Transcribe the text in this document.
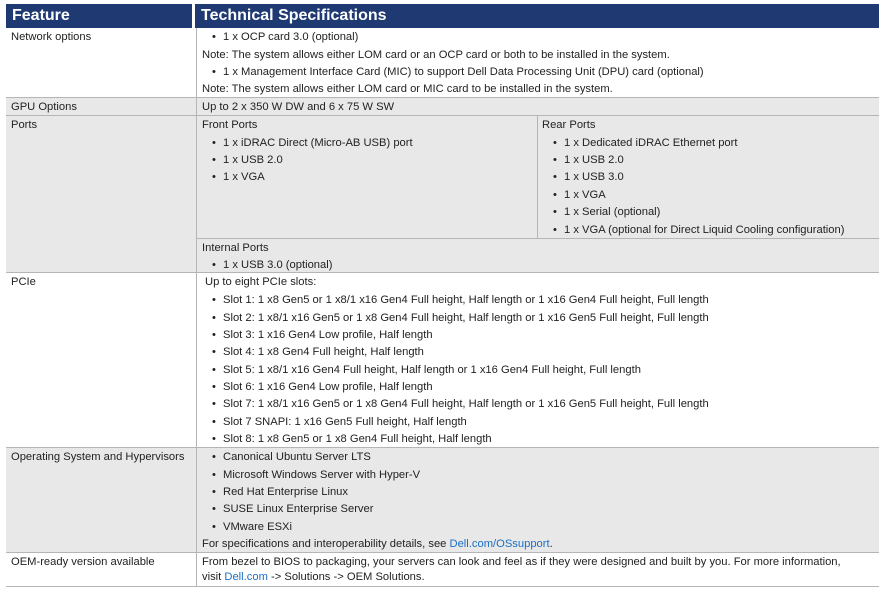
Feature	Technical Specifications
Network options
GPU Options
Ports
PCIe
Operating System and Hypervisors
OEM-ready version available
• 1 x OCP card 3.0 (optional)
Note: The system allows either LOM card or an OCP card or both to be installed in the system.
• 1 x Management Interface Card (MIC) to support Dell Data Processing Unit (DPU) card (optional)
Note: The system allows either LOM card or MIC card to be installed in the system.
Up to 2 x 350 W DW and 6 x 75 W SW
Front Ports
• 1 x iDRAC Direct (Micro-AB USB) port
• 1 x USB 2.0
• 1 x VGA
Rear Ports
• 1 x Dedicated iDRAC Ethernet port
• 1 x USB 2.0
• 1 x USB 3.0
• 1 x VGA
• 1 x Serial (optional)
• 1 x VGA (optional for Direct Liquid Cooling configuration)
Internal Ports
• 1 x USB 3.0 (optional)
Up to eight PCIe slots:
• Slot 1: 1 x8 Gen5 or 1 x8/1 x16 Gen4 Full height, Half length or 1 x16 Gen4 Full height, Full length
• Slot 2: 1 x8/1 x16 Gen5 or 1 x8 Gen4 Full height, Half length or 1 x16 Gen5 Full height, Full length
• Slot 3: 1 x16 Gen4 Low profile, Half length
• Slot 4: 1 x8 Gen4 Full height, Half length
• Slot 5: 1 x8/1 x16 Gen4 Full height, Half length or 1 x16 Gen4 Full height, Full length
• Slot 6: 1 x16 Gen4 Low profile, Half length
• Slot 7: 1 x8/1 x16 Gen5 or 1 x8 Gen4 Full height, Half length or 1 x16 Gen5 Full height, Full length
• Slot 7 SNAPI: 1 x16 Gen5 Full height, Half length
• Slot 8: 1 x8 Gen5 or 1 x8 Gen4 Full height, Half length
• Canonical Ubuntu Server LTS
• Microsoft Windows Server with Hyper-V
• Red Hat Enterprise Linux
• SUSE Linux Enterprise Server
• VMware ESXi
For specifications and interoperability details, see Dell.com/OSsupport.
From bezel to BIOS to packaging, your servers can look and feel as if they were designed and built by you. For more information,
visit Dell.com -> Solutions -> OEM Solutions.
